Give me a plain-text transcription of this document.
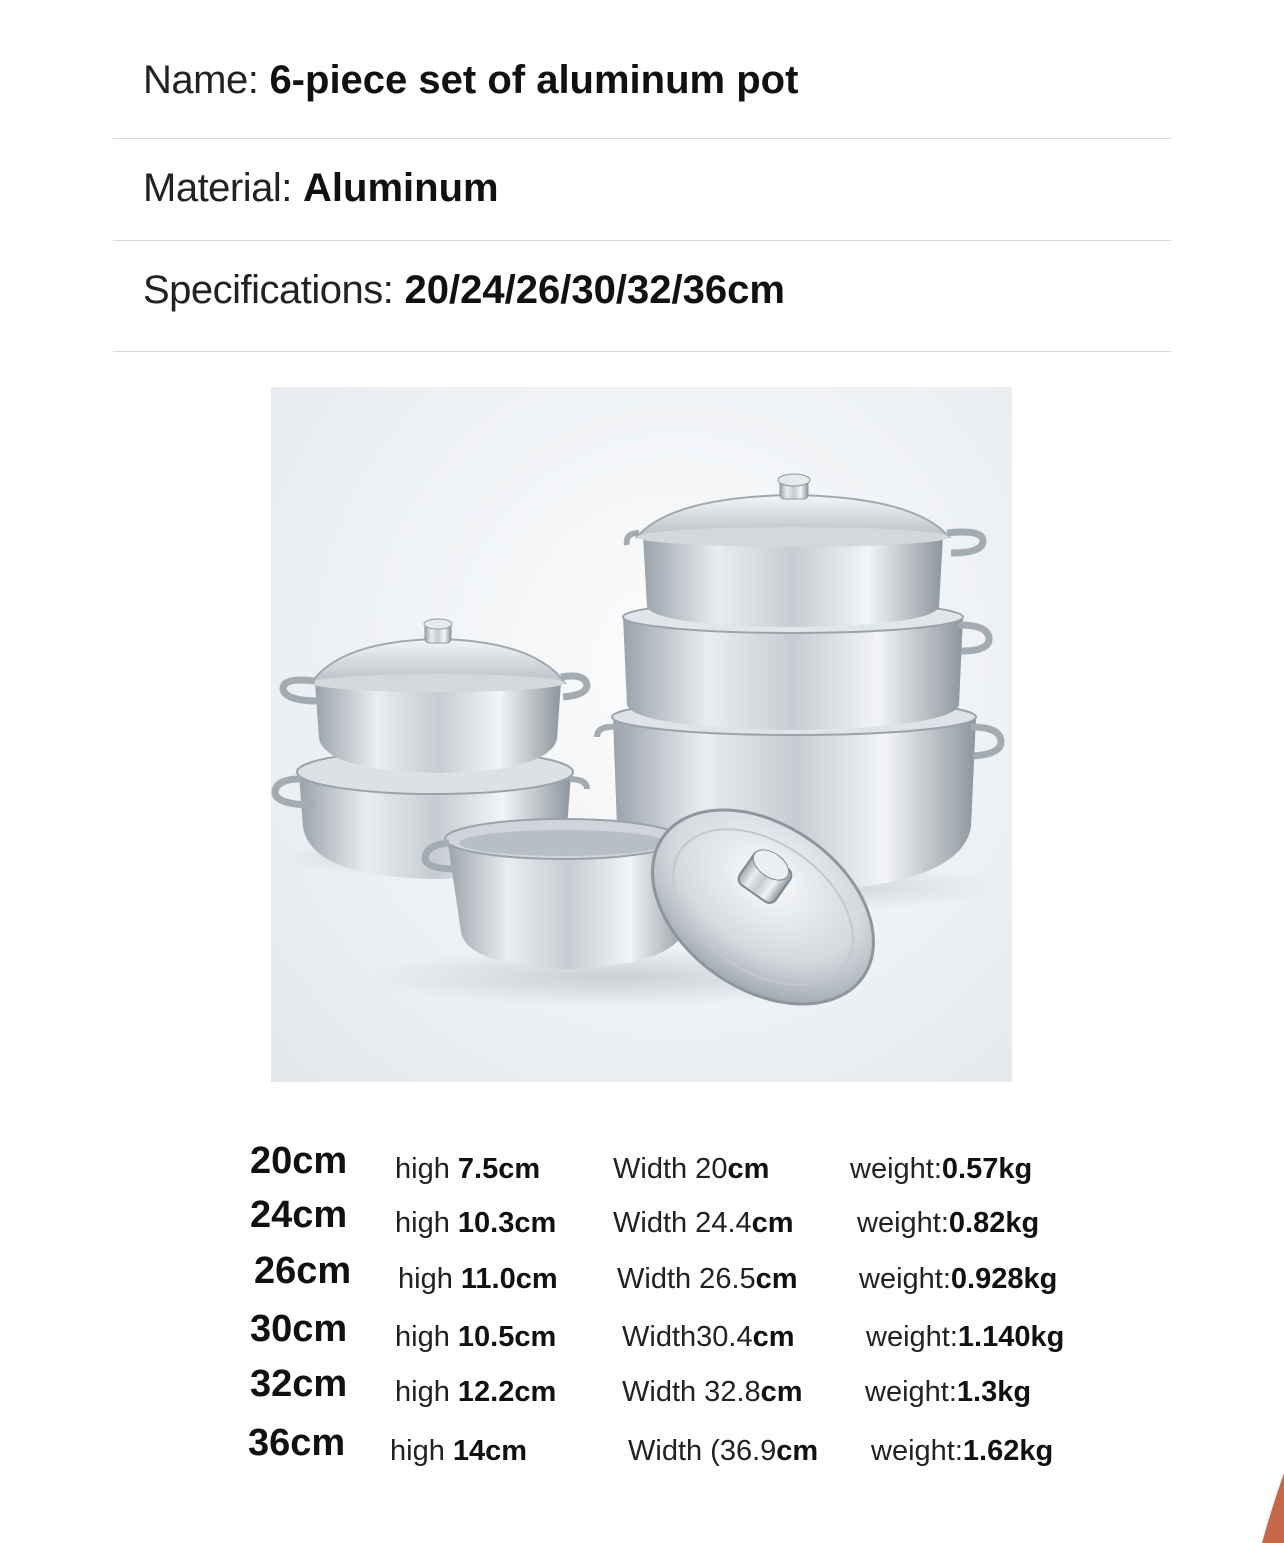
Name: 6-piece set of aluminum pot
Material: Aluminum
Specifications: 20/24/26/30/32/36cm
20cm high 7.5cm	Width 20cm	weight:0.57kg
24cm high 10.3cm Width 24.4cm weight:0.82kg
26cm high 11.0cm Width 26.5cm weight:0.928kg
30cm high 10.5cm Width30.4cm weight:1.140kg
32cm high 12.2cm Width 32.8cm weight:1.3kg
36cm high 14cm	Width (36.9cm weight:1.62kg
